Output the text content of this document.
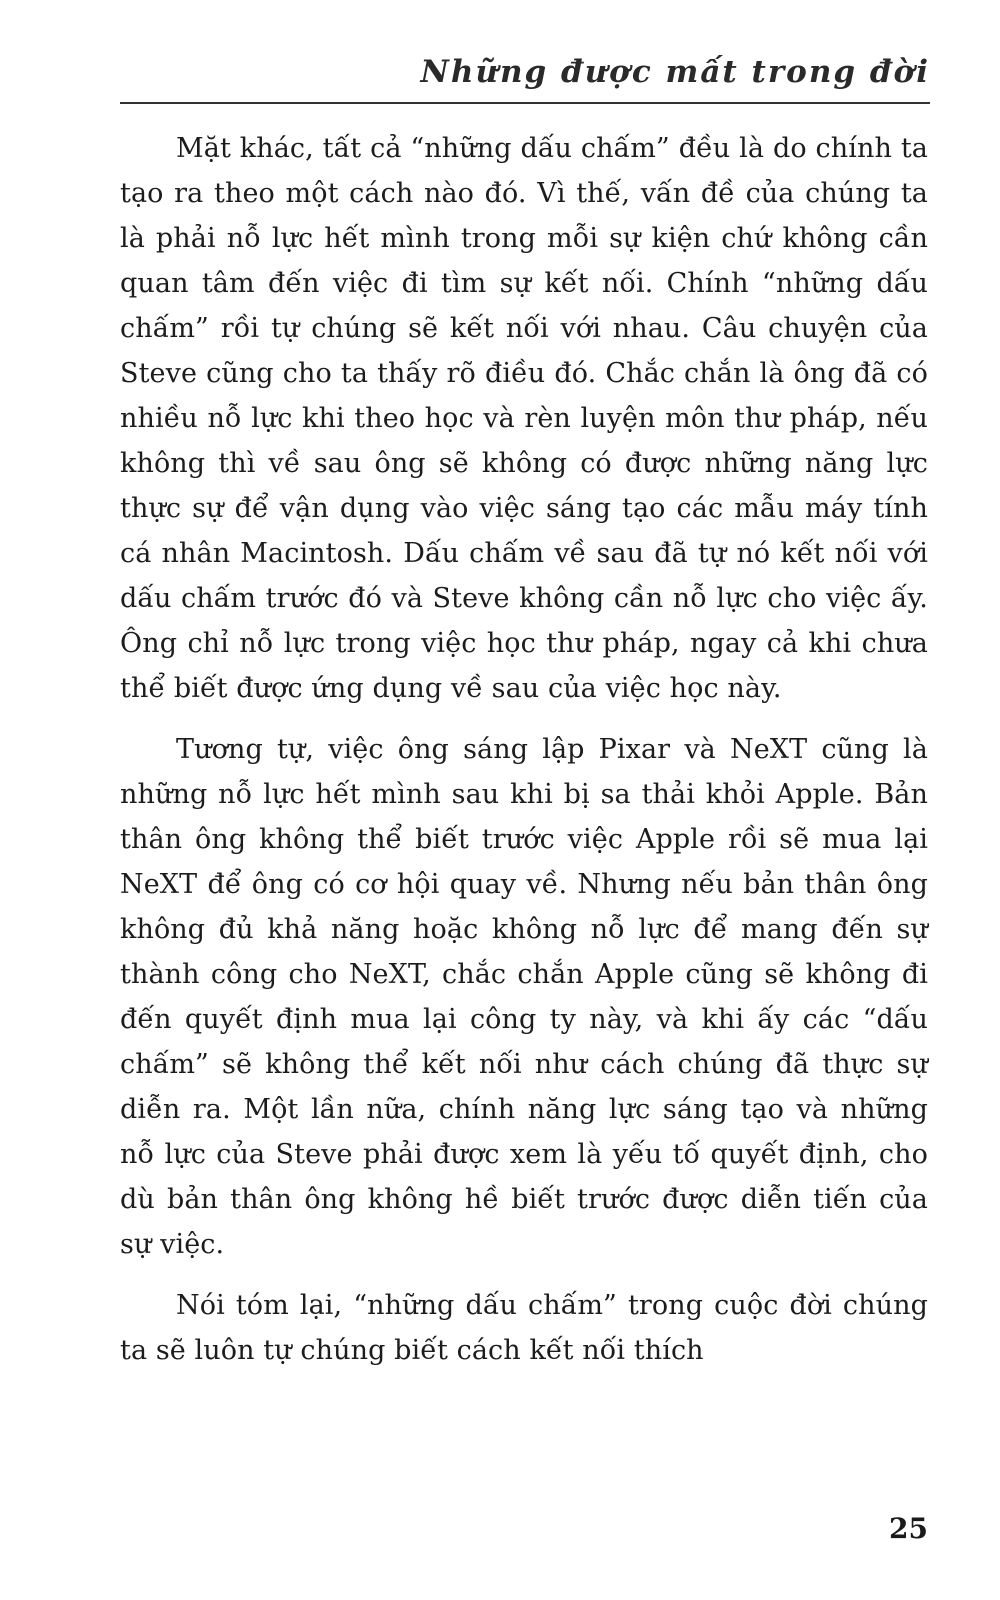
Những được mất trong đời

Mặt khác, tất cả “những dấu chấm” đều là do chính ta tạo ra theo một cách nào đó. Vì thế, vấn đề của chúng ta là phải nỗ lực hết mình trong mỗi sự kiện chứ không cần quan tâm đến việc đi tìm sự kết nối. Chính “những dấu chấm” rồi tự chúng sẽ kết nối với nhau. Câu chuyện của Steve cũng cho ta thấy rõ điều đó. Chắc chắn là ông đã có nhiều nỗ lực khi theo học và rèn luyện môn thư pháp, nếu không thì về sau ông sẽ không có được những năng lực thực sự để vận dụng vào việc sáng tạo các mẫu máy tính cá nhân Macintosh. Dấu chấm về sau đã tự nó kết nối với dấu chấm trước đó và Steve không cần nỗ lực cho việc ấy. Ông chỉ nỗ lực trong việc học thư pháp, ngay cả khi chưa thể biết được ứng dụng về sau của việc học này.

Tương tự, việc ông sáng lập Pixar và NeXT cũng là những nỗ lực hết mình sau khi bị sa thải khỏi Apple. Bản thân ông không thể biết trước việc Apple rồi sẽ mua lại NeXT để ông có cơ hội quay về. Nhưng nếu bản thân ông không đủ khả năng hoặc không nỗ lực để mang đến sự thành công cho NeXT, chắc chắn Apple cũng sẽ không đi đến quyết định mua lại công ty này, và khi ấy các “dấu chấm” sẽ không thể kết nối như cách chúng đã thực sự diễn ra. Một lần nữa, chính năng lực sáng tạo và những nỗ lực của Steve phải được xem là yếu tố quyết định, cho dù bản thân ông không hề biết trước được diễn tiến của sự việc.

Nói tóm lại, “những dấu chấm” trong cuộc đời chúng ta sẽ luôn tự chúng biết cách kết nối thích

25
